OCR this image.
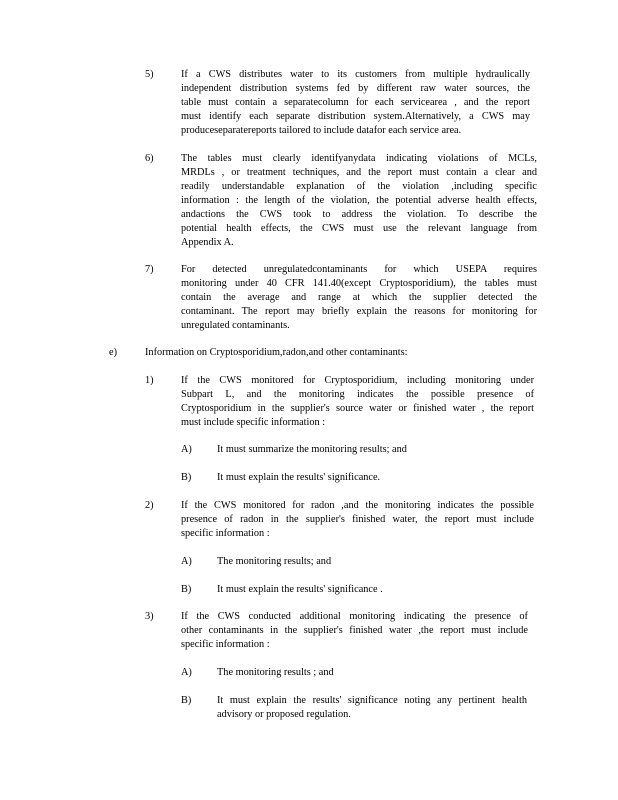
5)	If a CWS distributes water to its customers from multiple hydraulically
independent distribution systems fed by different raw water sources, the
table must contain a separatecolumn for each servicearea , and the report
must identify each separate distribution system.Alternatively, a CWS may
produceseparatereports tailored to include datafor each service area.
6)	The tables must clearly identifyanydata indicating violations of MCLs,
MRDLs , or treatment techniques, and the report must contain a clear and
readily understandable explanation of the violation ,including specific
information : the length of the violation, the potential adverse health effects,
andactions the CWS took to address the violation. To describe the
potential health effects, the CWS must use the relevant language from
Appendix A.
7)	For detected unregulatedcontaminants for which USEPA requires
monitoring under 40 CFR 141.40(except Cryptosporidium), the tables must
contain the average and range at which the supplier detected the
contaminant. The report may briefly explain the reasons for monitoring for
unregulated contaminants.
e)	Information on Cryptosporidium,radon,and other contaminants:
1)	If the CWS monitored for Cryptosporidium, including monitoring under
Subpart L, and the monitoring indicates the possible presence of
Cryptosporidium in the supplier's source water or finished water , the report
must include specific information :
A) It must summarize the monitoring results; and
B) It must explain the results' significance.
2)	If the CWS monitored for radon ,and the monitoring indicates the possible
presence of radon in the supplier's finished water, the report must include
specific information :
A) The monitoring results; and
B) It must explain the results' significance .
3)	If the CWS conducted additional monitoring indicating the presence of
other contaminants in the supplier's finished water ,the report must include
specific information :
A) The monitoring results ; and
B) It must explain the results' significance noting any pertinent health
advisory or proposed regulation.
